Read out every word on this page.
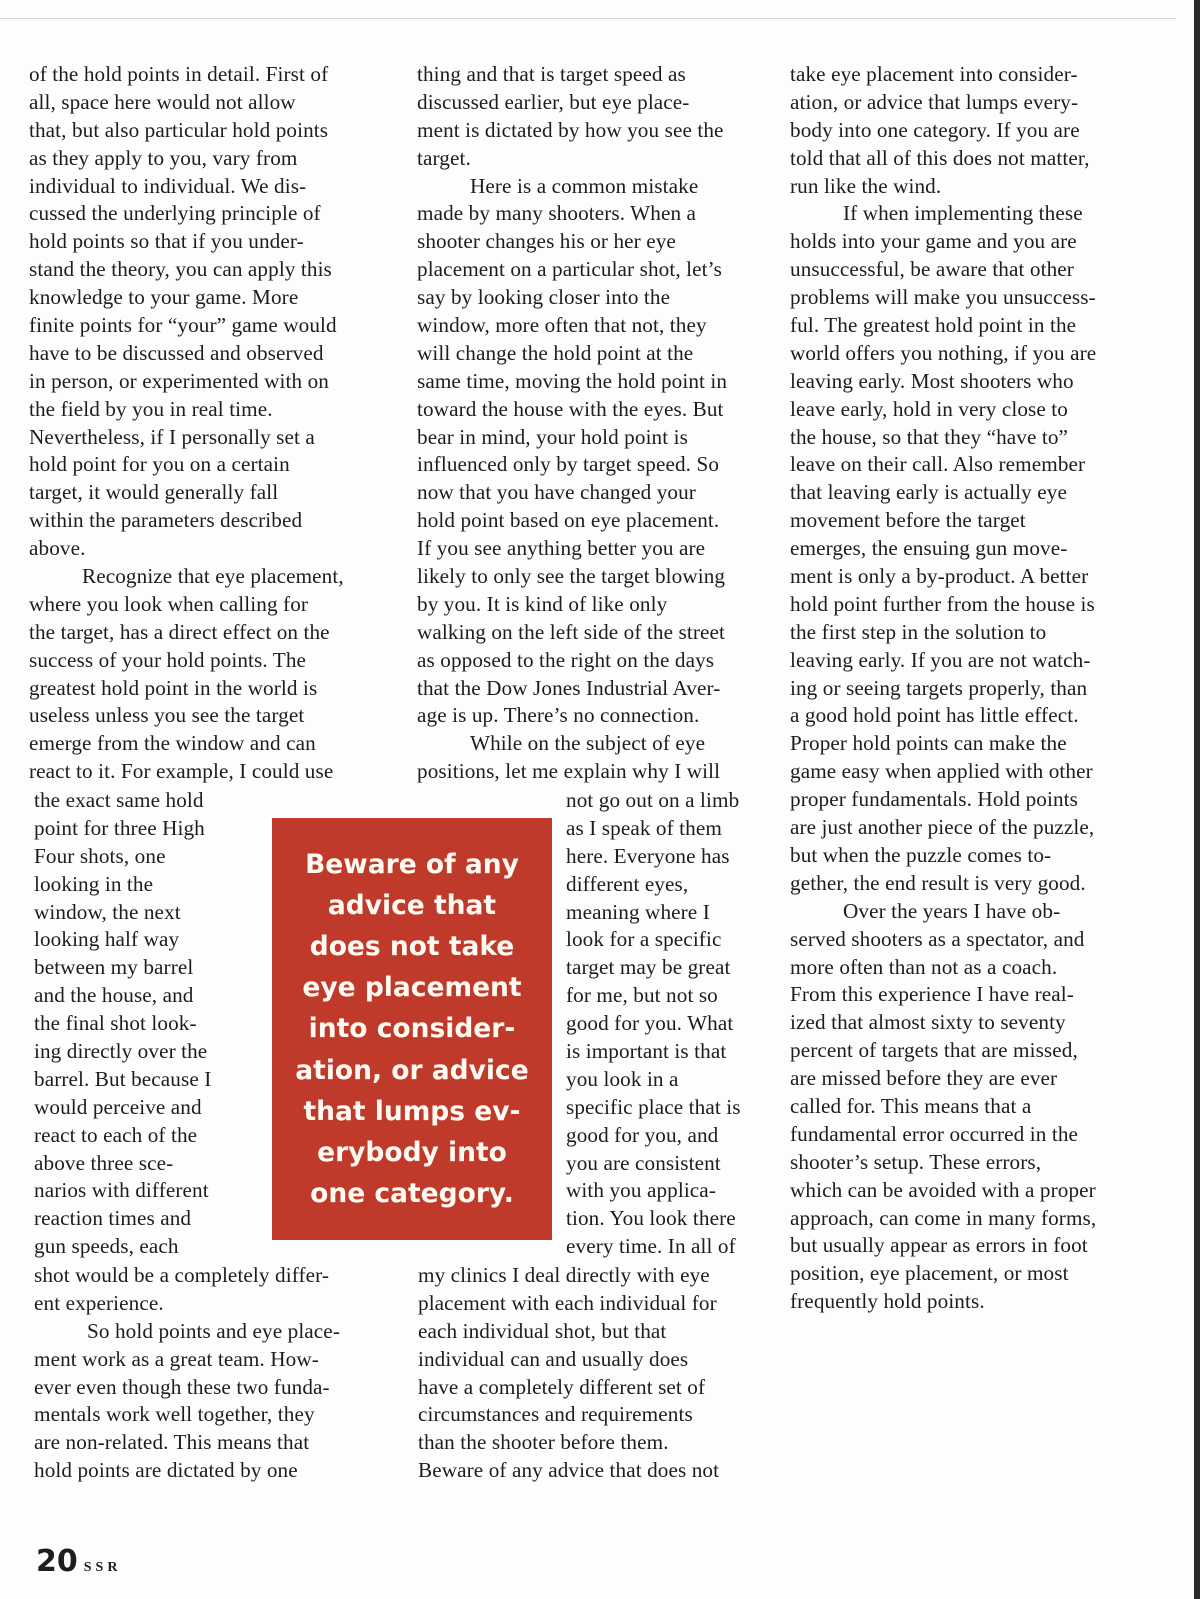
of the hold points in detail. First of
all, space here would not allow
that, but also particular hold points
as they apply to you, vary from
individual to individual. We dis-
cussed the underlying principle of
hold points so that if you under-
stand the theory, you can apply this
knowledge to your game. More
finite points for “your” game would
have to be discussed and observed
in person, or experimented with on
the field by you in real time.
Nevertheless, if I personally set a
hold point for you on a certain
target, it would generally fall
within the parameters described
above.
Recognize that eye placement,
where you look when calling for
the target, has a direct effect on the
success of your hold points. The
greatest hold point in the world is
useless unless you see the target
emerge from the window and can
react to it. For example, I could use
the exact same hold
point for three High
Four shots, one
looking in the
window, the next
looking half way
between my barrel
and the house, and
the final shot look-
ing directly over the
barrel. But because I
would perceive and
react to each of the
above three sce-
narios with different
reaction times and
gun speeds, each
shot would be a completely differ-
ent experience.
So hold points and eye place-
ment work as a great team. How-
ever even though these two funda-
mentals work well together, they
are non-related. This means that
hold points are dictated by one
thing and that is target speed as
discussed earlier, but eye place-
ment is dictated by how you see the
target.
Here is a common mistake
made by many shooters. When a
shooter changes his or her eye
placement on a particular shot, let’s
say by looking closer into the
window, more often that not, they
will change the hold point at the
same time, moving the hold point in
toward the house with the eyes. But
bear in mind, your hold point is
influenced only by target speed. So
now that you have changed your
hold point based on eye placement.
If you see anything better you are
likely to only see the target blowing
by you. It is kind of like only
walking on the left side of the street
as opposed to the right on the days
that the Dow Jones Industrial Aver-
age is up. There’s no connection.
While on the subject of eye
positions, let me explain why I will
not go out on a limb
as I speak of them
here. Everyone has
different eyes,
meaning where I
look for a specific
target may be great
for me, but not so
good for you. What
is important is that
you look in a
specific place that is
good for you, and
you are consistent
with you applica-
tion. You look there
every time. In all of
my clinics I deal directly with eye
placement with each individual for
each individual shot, but that
individual can and usually does
have a completely different set of
circumstances and requirements
than the shooter before them.
Beware of any advice that does not
take eye placement into consider-
ation, or advice that lumps every-
body into one category. If you are
told that all of this does not matter,
run like the wind.
If when implementing these
holds into your game and you are
unsuccessful, be aware that other
problems will make you unsuccess-
ful. The greatest hold point in the
world offers you nothing, if you are
leaving early. Most shooters who
leave early, hold in very close to
the house, so that they “have to”
leave on their call. Also remember
that leaving early is actually eye
movement before the target
emerges, the ensuing gun move-
ment is only a by-product. A better
hold point further from the house is
the first step in the solution to
leaving early. If you are not watch-
ing or seeing targets properly, than
a good hold point has little effect.
Proper hold points can make the
game easy when applied with other
proper fundamentals. Hold points
are just another piece of the puzzle,
but when the puzzle comes to-
gether, the end result is very good.
Over the years I have ob-
served shooters as a spectator, and
more often than not as a coach.
From this experience I have real-
ized that almost sixty to seventy
percent of targets that are missed,
are missed before they are ever
called for. This means that a
fundamental error occurred in the
shooter’s setup. These errors,
which can be avoided with a proper
approach, can come in many forms,
but usually appear as errors in foot
position, eye placement, or most
frequently hold points.

Beware of any
advice that
does not take
eye placement
into consider-
ation, or advice
that lumps ev-
erybody into
one category.

20 SSR
